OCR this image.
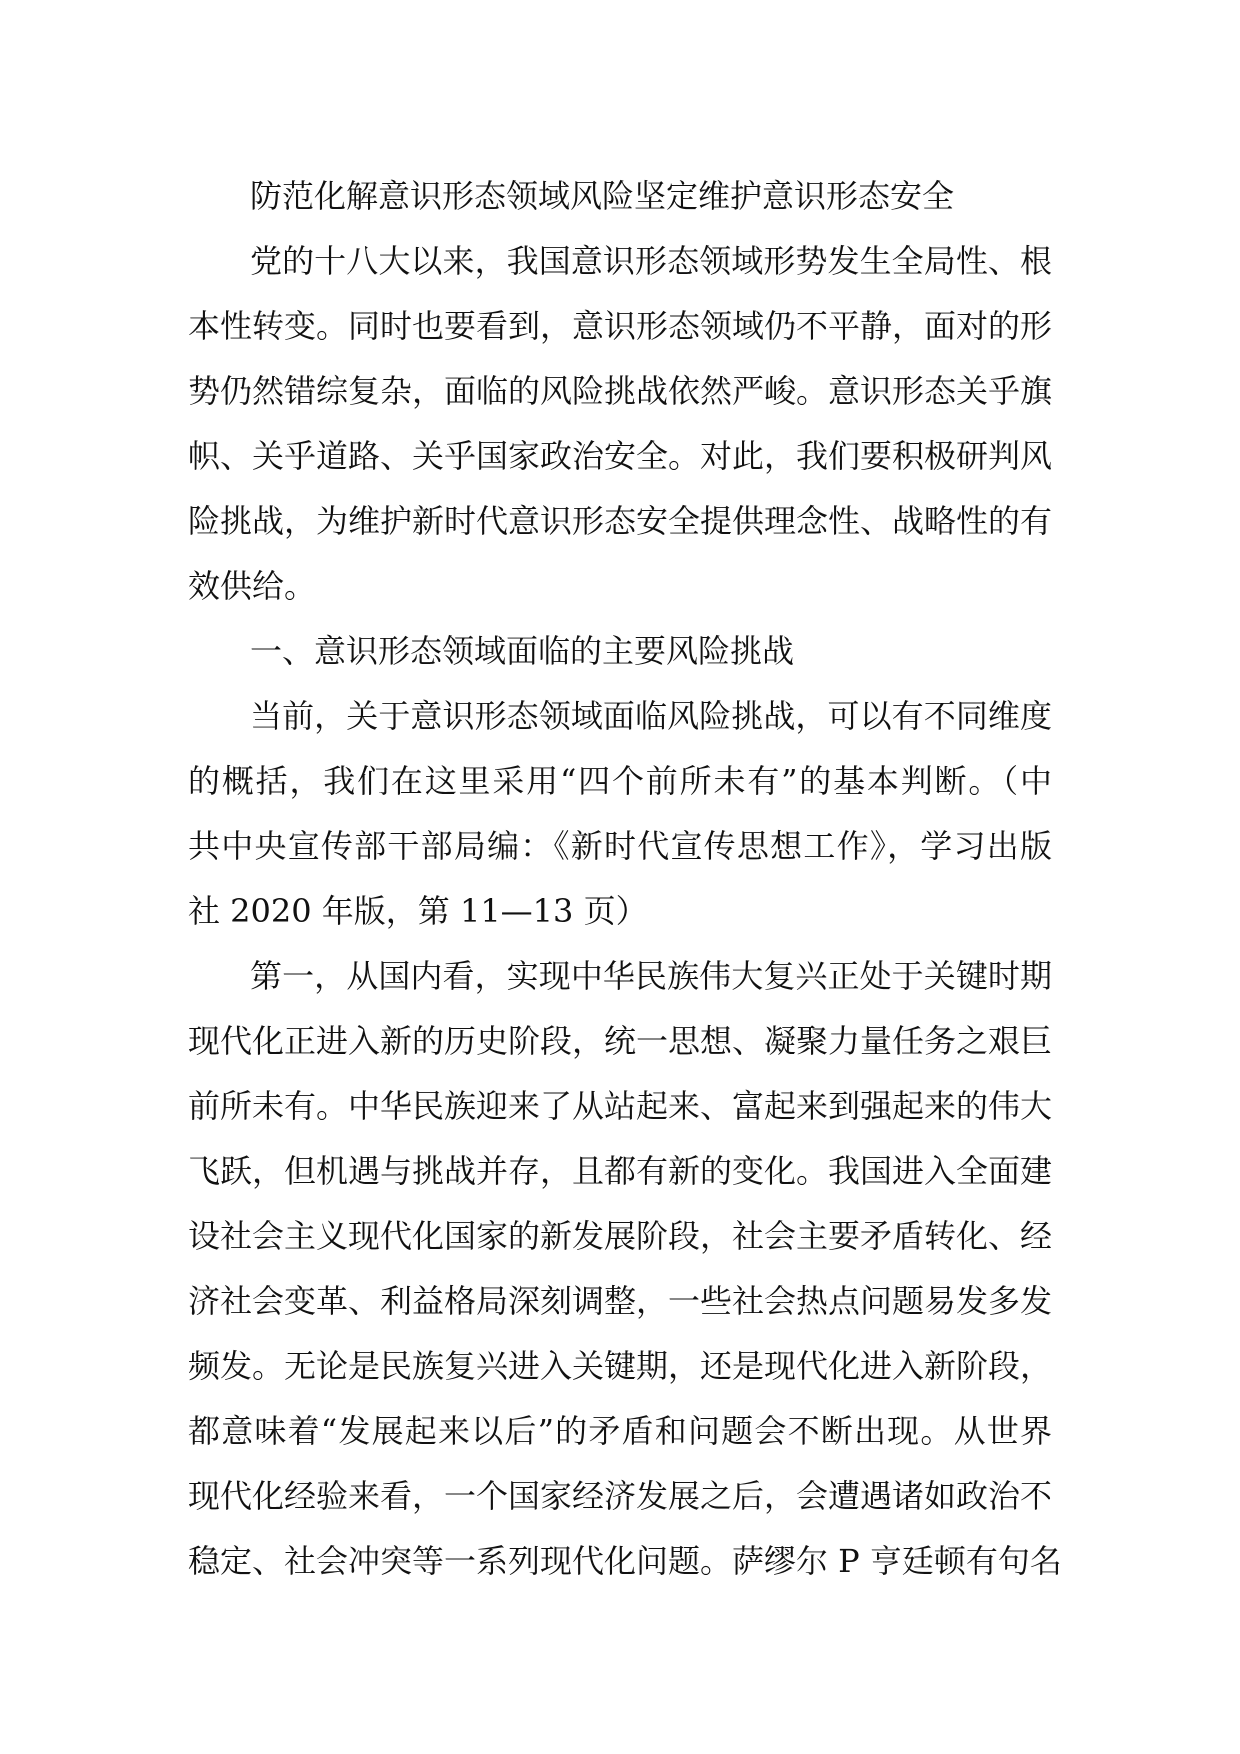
防范化解意识形态领域风险坚定维护意识形态安全
党的十八大以来，我国意识形态领域形势发生全局性、根
本性转变。同时也要看到，意识形态领域仍不平静，面对的形
势仍然错综复杂，面临的风险挑战依然严峻。意识形态关乎旗
帜、关乎道路、关乎国家政治安全。对此，我们要积极研判风
险挑战，为维护新时代意识形态安全提供理念性、战略性的有
效供给。
一、意识形态领域面临的主要风险挑战
当前，关于意识形态领域面临风险挑战，可以有不同维度
的概括，我们在这里采用“四个前所未有”的基本判断。（中
共中央宣传部干部局编：《新时代宣传思想工作》，学习出版
社 2020 年版，第 11—13 页）
第一，从国内看，实现中华民族伟大复兴正处于关键时期
现代化正进入新的历史阶段，统一思想、凝聚力量任务之艰巨
前所未有。中华民族迎来了从站起来、富起来到强起来的伟大
飞跃，但机遇与挑战并存，且都有新的变化。我国进入全面建
设社会主义现代化国家的新发展阶段，社会主要矛盾转化、经
济社会变革、利益格局深刻调整，一些社会热点问题易发多发
频发。无论是民族复兴进入关键期，还是现代化进入新阶段，
都意味着“发展起来以后”的矛盾和问题会不断出现。从世界
现代化经验来看，一个国家经济发展之后，会遭遇诸如政治不
稳定、社会冲突等一系列现代化问题。萨缪尔 P 亨廷顿有句名
